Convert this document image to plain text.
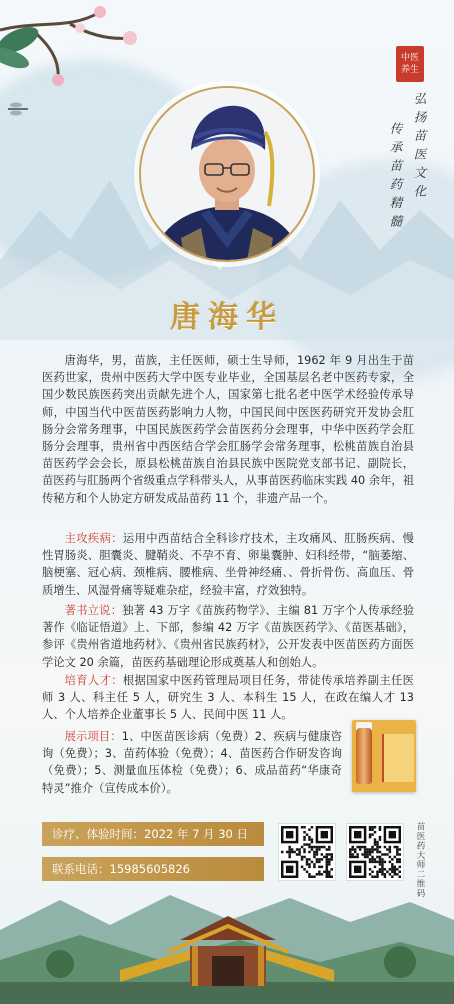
中医
养生
弘扬苗医文化
传承苗药精髓
唐海华
唐海华，男，苗族，主任医师，硕士生导师，1962 年 9 月出生于苗医药世家，贵州中医药大学中医专业毕业，全国基层名老中医药专家，全国少数民族医药突出贡献先进个人，国家第七批名老中医学术经验传承导师，中国当代中医苗医药影响力人物，中国民间中医医药研究开发协会肛肠分会常务理事，中国民族医药学会苗医药分会理事，中华中医药学会肛肠分会理事，贵州省中西医结合学会肛肠学会常务理事，松桃苗族自治县苗医药学会会长，原县松桃苗族自治县民族中医院党支部书记、副院长，苗医药与肛肠两个省级重点学科带头人，从事苗医药临床实践 40 余年，祖传秘方和个人协定方研发成品苗药 11 个，非遗产品一个。
主攻疾病：运用中西苗结合全科诊疗技术，主攻痛风、肛肠疾病、慢性胃肠炎、胆囊炎、腱鞘炎、不孕不育、卵巢囊肿、妇科经带，“脑萎缩、脑梗塞、冠心病、颈椎病、腰椎病、坐骨神经痛、、骨折骨伤、高血压、骨质增生、风湿骨痛等疑难杂症，经验丰富，疗效独特。
著书立说：独著 43 万字《苗族药物学》、主编 81 万字个人传承经验著作《临证悟道》上、下部，参编 42 万字《苗族医药学》、《苗医基础》，参评《贵州省道地药材》、《贵州省民族药材》，公开发表中医苗医药方面医学论文 20 余篇，苗医药基础理论形成奠基人和创始人。
培育人才：根据国家中医药管理局项目任务，带徒传承培养副主任医师 3 人、科主任 5 人，研究生 3 人、本科生 15 人，在政在编人才 13 人、个人培养企业董事长 5 人、民间中医 11 人。
展示项目：1、中医苗医诊病（免费）2、疾病与健康咨询（免费）；3、苗药体验（免费）；4、苗医药合作研发咨询（免费）；5、测量血压体检（免费）；6、成品苗药“华康奇特灵”推介（宣传成本价）。
诊疗、体验时间：2022 年 7 月 30 日
联系电话：15985605826	苗医药大师二维码
